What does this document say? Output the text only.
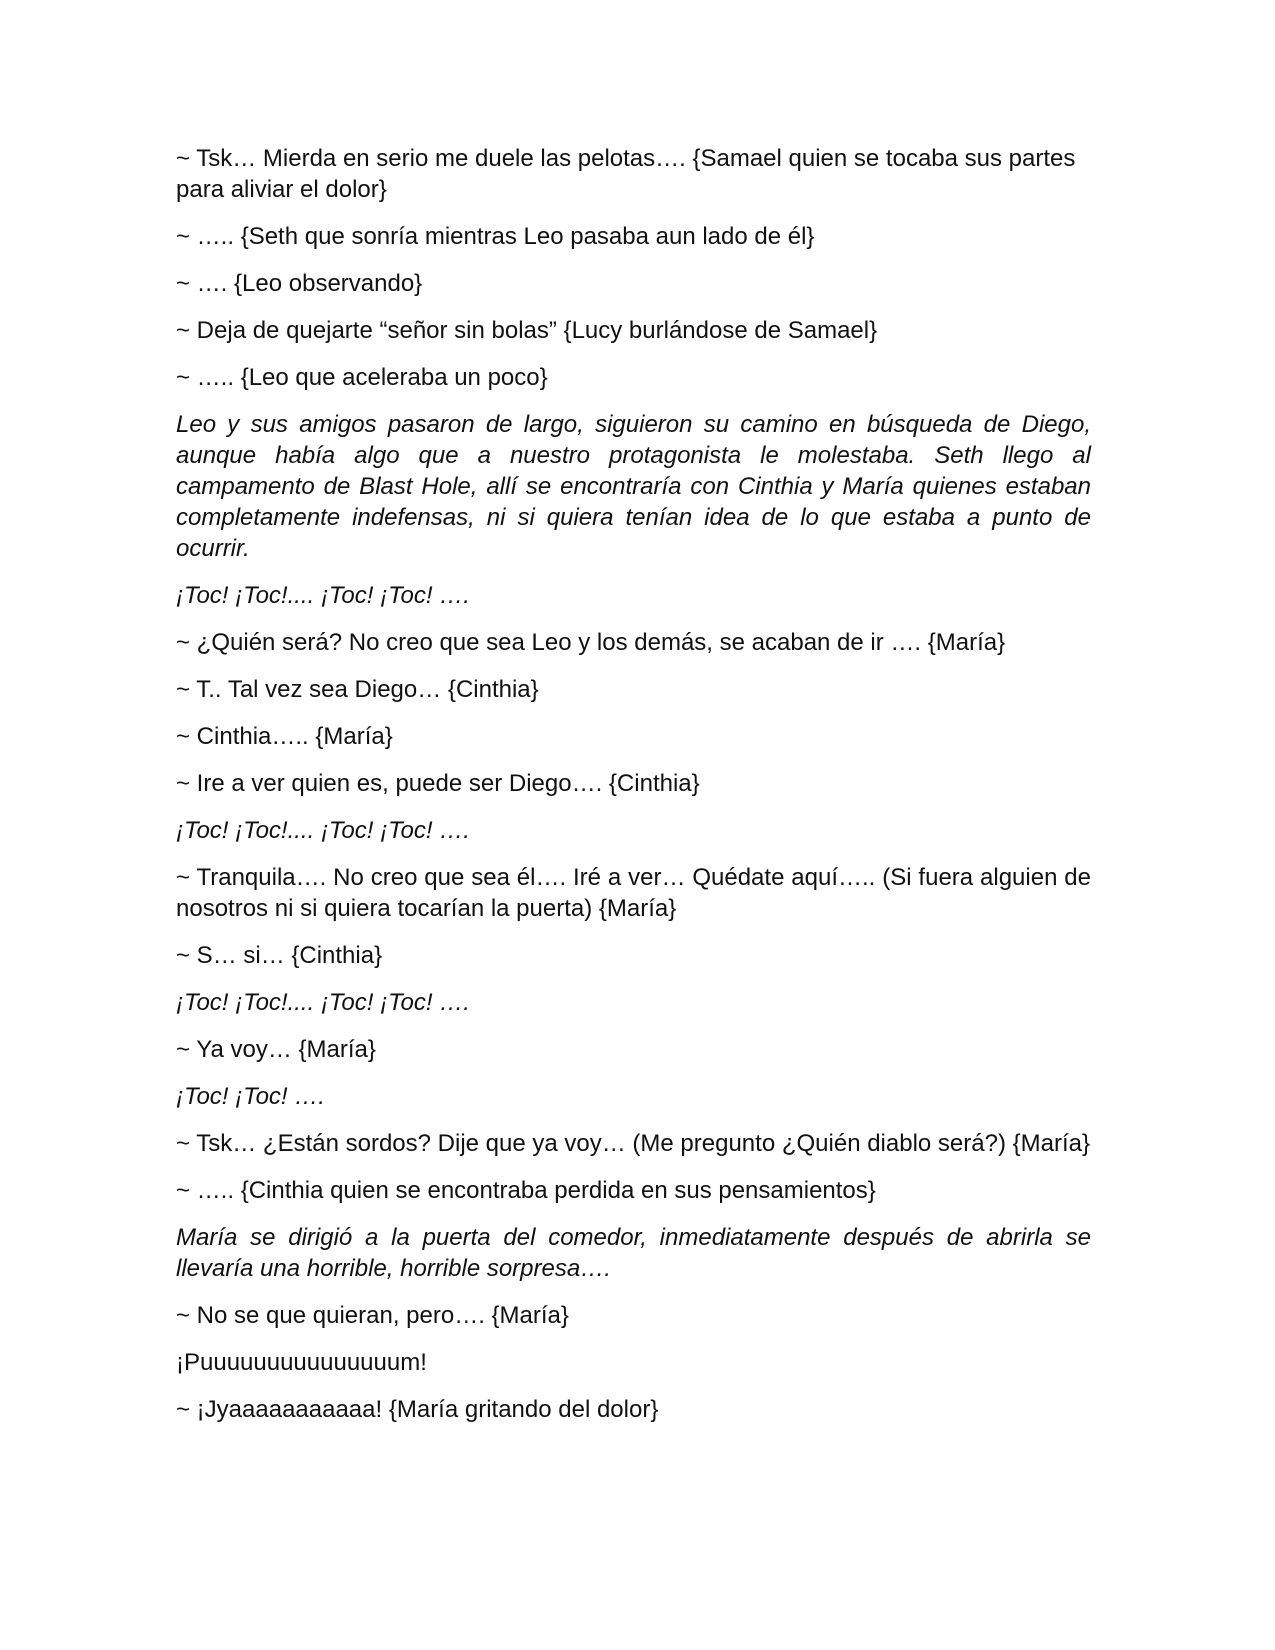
~ Tsk… Mierda en serio me duele las pelotas…. {Samael quien se tocaba sus partes para aliviar el dolor}

~ ….. {Seth que sonría mientras Leo pasaba aun lado de él}

~ …. {Leo observando}

~ Deja de quejarte “señor sin bolas” {Lucy burlándose de Samael}

~ ….. {Leo que aceleraba un poco}

Leo y sus amigos pasaron de largo, siguieron su camino en búsqueda de Diego, aunque había algo que a nuestro protagonista le molestaba. Seth llego al campamento de Blast Hole, allí se encontraría con Cinthia y María quienes estaban completamente indefensas, ni si quiera tenían idea de lo que estaba a punto de ocurrir.

¡Toc! ¡Toc!.... ¡Toc! ¡Toc! ….

~ ¿Quién será? No creo que sea Leo y los demás, se acaban de ir …. {María}

~ T.. Tal vez sea Diego… {Cinthia}

~ Cinthia….. {María}

~ Ire a ver quien es, puede ser Diego…. {Cinthia}

¡Toc! ¡Toc!.... ¡Toc! ¡Toc! ….

~ Tranquila…. No creo que sea él…. Iré a ver… Quédate aquí….. (Si fuera alguien de nosotros ni si quiera tocarían la puerta) {María}

~ S… si… {Cinthia}

¡Toc! ¡Toc!.... ¡Toc! ¡Toc! ….

~ Ya voy… {María}

¡Toc! ¡Toc! ….

~ Tsk… ¿Están sordos? Dije que ya voy… (Me pregunto ¿Quién diablo será?) {María}

~ ….. {Cinthia quien se encontraba perdida en sus pensamientos}

María se dirigió a la puerta del comedor, inmediatamente después de abrirla se llevaría una horrible, horrible sorpresa….

~ No se que quieran, pero…. {María}

¡Puuuuuuuuuuuuuuum!

~ ¡Jyaaaaaaaaaaa! {María gritando del dolor}
